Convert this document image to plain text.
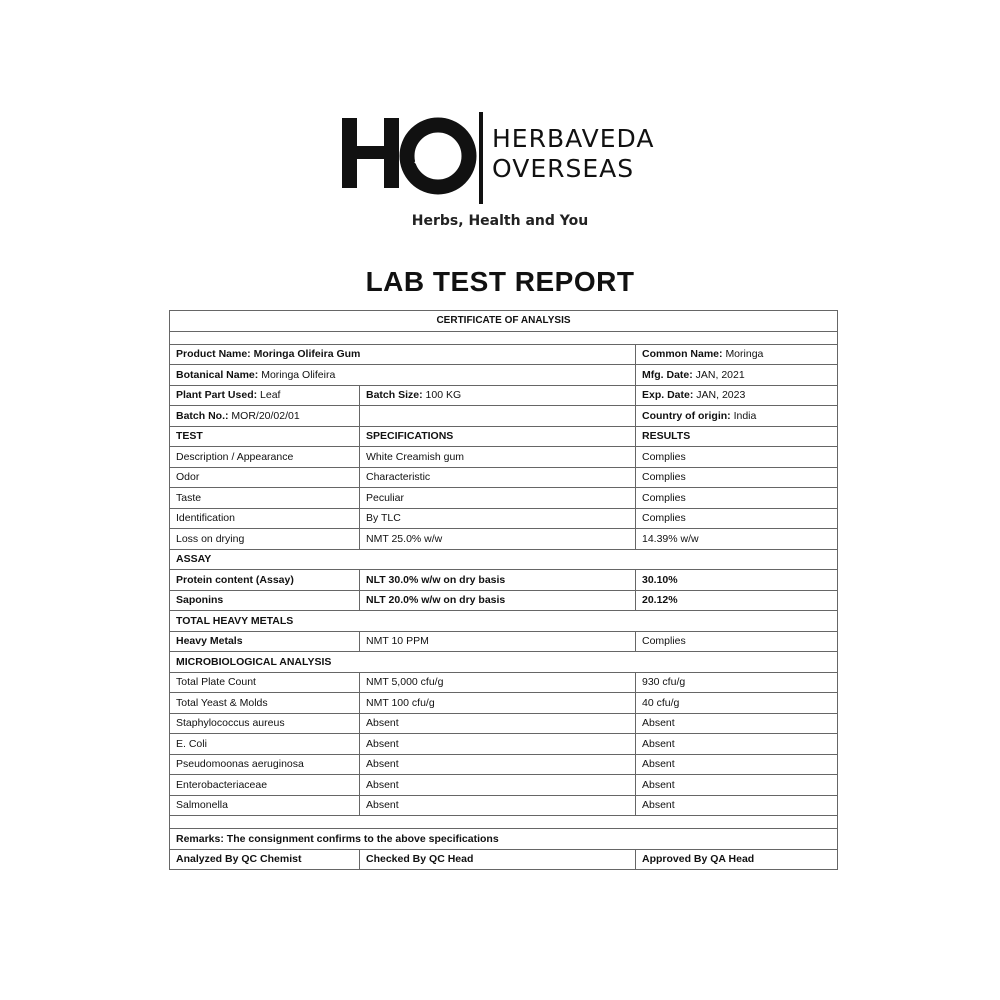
HERBAVEDA
OVERSEAS
Herbs, Health and You
LAB TEST REPORT
CERTIFICATE OF ANALYSIS		

Product Name: Moringa Olifeira Gum		Common Name: Moringa
Botanical Name: Moringa Olifeira		Mfg. Date: JAN, 2021
Plant Part Used: Leaf	Batch Size: 100 KG	Exp. Date: JAN, 2023
Batch No.: MOR/20/02/01		Country of origin: India
TEST	SPECIFICATIONS	RESULTS
Description / Appearance	White Creamish gum	Complies
Odor	Characteristic	Complies
Taste	Peculiar	Complies
Identification	By TLC	Complies
Loss on drying	NMT 25.0% w/w	14.39% w/w
ASSAY		
Protein content (Assay)	NLT 30.0% w/w on dry basis	30.10%
Saponins	NLT 20.0% w/w on dry basis	20.12%
TOTAL HEAVY METALS		
Heavy Metals	NMT 10 PPM	Complies
MICROBIOLOGICAL ANALYSIS		
Total Plate Count	NMT 5,000 cfu/g	930 cfu/g
Total Yeast & Molds	NMT 100 cfu/g	40 cfu/g
Staphylococcus aureus	Absent	Absent
E. Coli	Absent	Absent
Pseudomoonas aeruginosa	Absent	Absent
Enterobacteriaceae	Absent	Absent
Salmonella	Absent	Absent

Remarks: The consignment confirms to the above specifications		
Analyzed By QC Chemist	Checked By QC Head	Approved By QA Head
